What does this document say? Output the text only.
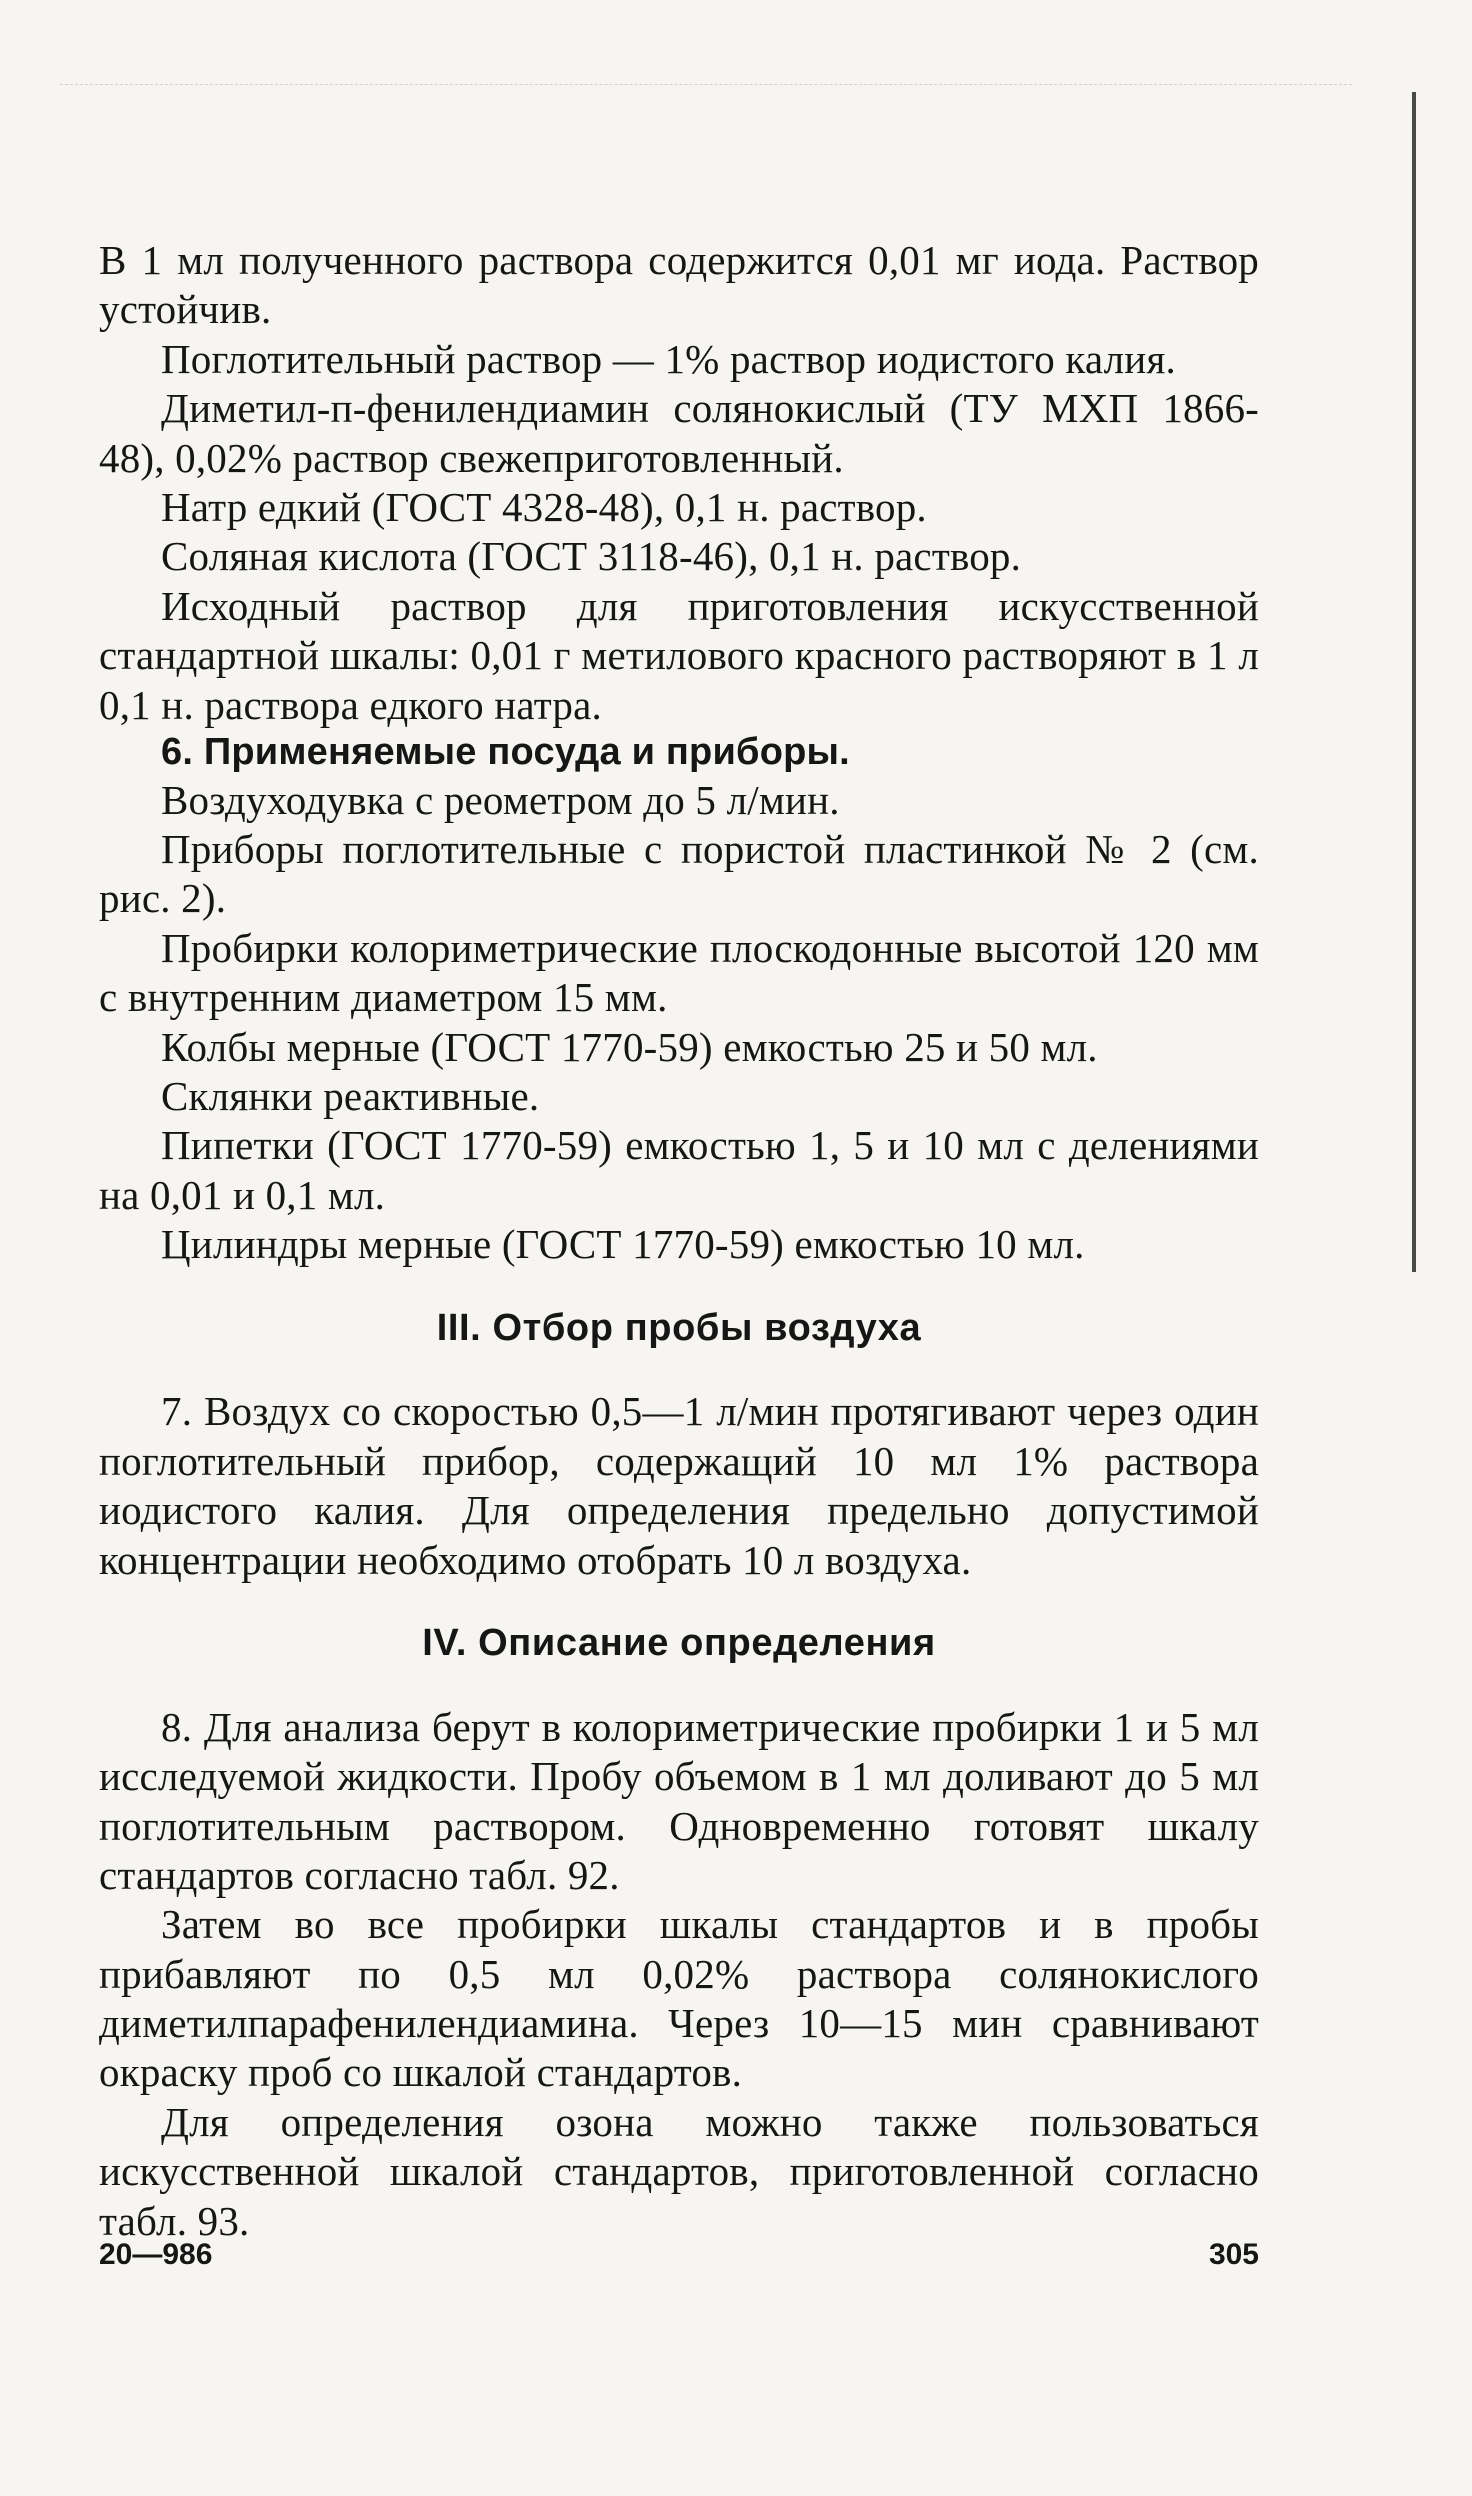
В 1 мл полученного раствора содержится 0,01 мг иода. Раствор устойчив.

Поглотительный раствор — 1% раствор иодистого калия.

Диметил-п-фенилендиамин солянокислый (ТУ МХП 1866-48), 0,02% раствор свежеприготовленный.

Натр едкий (ГОСТ 4328-48), 0,1 н. раствор.

Соляная кислота (ГОСТ 3118-46), 0,1 н. раствор.

Исходный раствор для приготовления искусственной стандартной шкалы: 0,01 г метилового красного растворяют в 1 л 0,1 н. раствора едкого натра.

6. Применяемые посуда и приборы.

Воздуходувка с реометром до 5 л/мин.

Приборы поглотительные с пористой пластинкой № 2 (см. рис. 2).

Пробирки колориметрические плоскодонные высотой 120 мм с внутренним диаметром 15 мм.

Колбы мерные (ГОСТ 1770-59) емкостью 25 и 50 мл.

Склянки реактивные.

Пипетки (ГОСТ 1770-59) емкостью 1, 5 и 10 мл с делениями на 0,01 и 0,1 мл.

Цилиндры мерные (ГОСТ 1770-59) емкостью 10 мл.

III. Отбор пробы воздуха

7. Воздух со скоростью 0,5—1 л/мин протягивают через один поглотительный прибор, содержащий 10 мл 1% раствора иодистого калия. Для определения предельно допустимой концентрации необходимо отобрать 10 л воздуха.

IV. Описание определения

8. Для анализа берут в колориметрические пробирки 1 и 5 мл исследуемой жидкости. Пробу объемом в 1 мл доливают до 5 мл поглотительным раствором. Одновременно готовят шкалу стандартов согласно табл. 92.

Затем во все пробирки шкалы стандартов и в пробы прибавляют по 0,5 мл 0,02% раствора солянокислого диметилпарафенилендиамина. Через 10—15 мин сравнивают окраску проб со шкалой стандартов.

Для определения озона можно также пользоваться искусственной шкалой стандартов, приготовленной согласно табл. 93.

20—986	305
